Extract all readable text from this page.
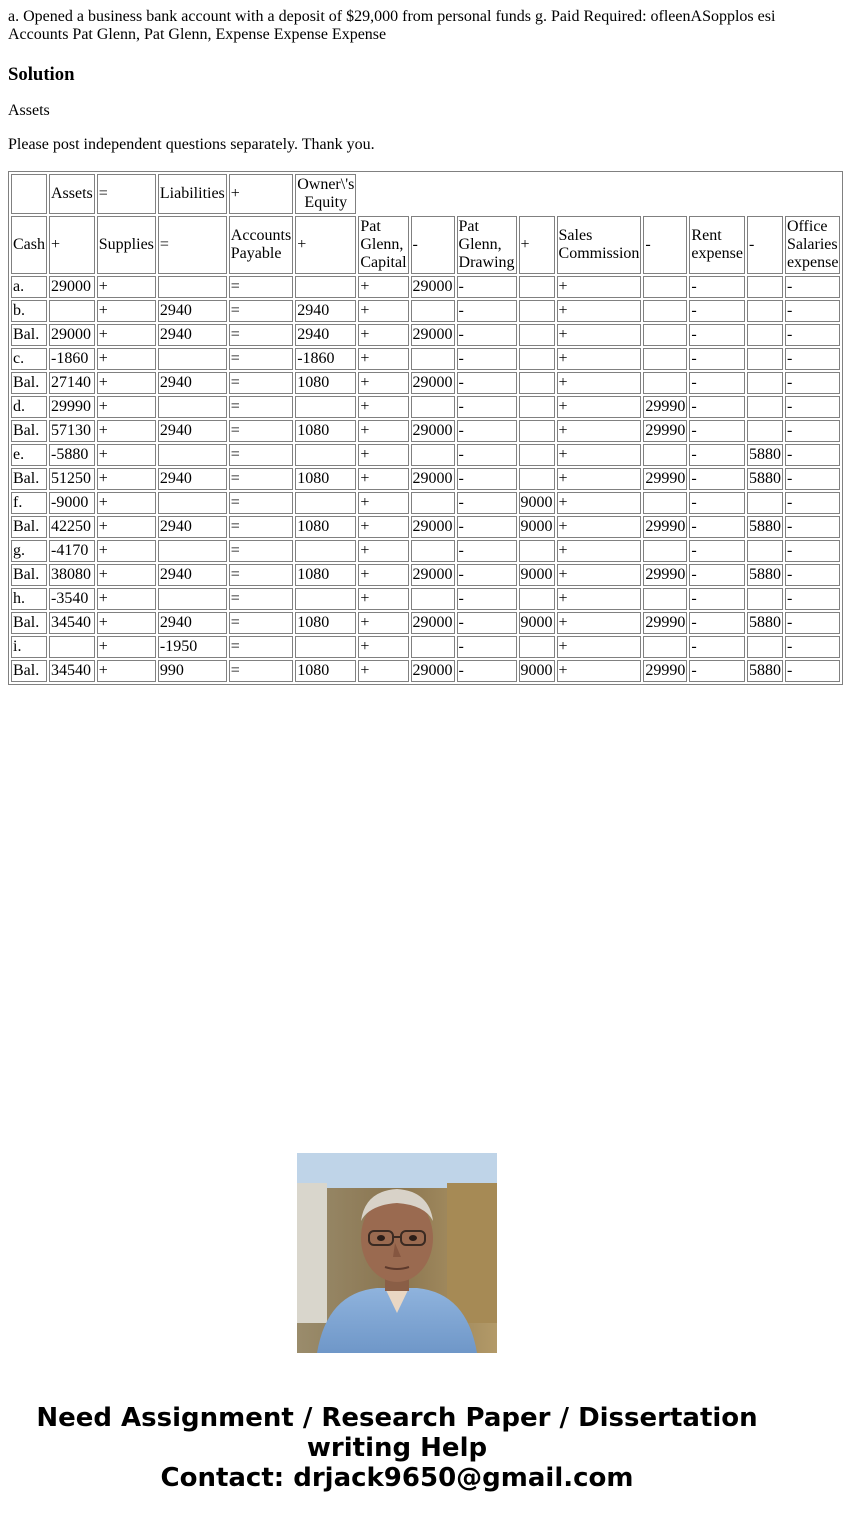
a. Opened a business bank account with a deposit of $29,000 from personal funds g. Paid Required: ofleenASopplos esi Accounts Pat Glenn, Pat Glenn, Expense Expense Expense
Solution

Assets

Please post independent questions separately. Thank you.

	Assets	=	Liabilities	+	Owner\'s Equity									
Cash	+	Supplies	=	Accounts Payable	+	Pat Glenn, Capital	-	Pat Glenn, Drawing	+	Sales Commission	-	Rent expense	-	Office Salaries expense
a.	29000	+		=		+	29000	-		+		-		-
b.		+	2940	=	2940	+		-		+		-		-
Bal.	29000	+	2940	=	2940	+	29000	-		+		-		-
c.	-1860	+		=	-1860	+		-		+		-		-
Bal.	27140	+	2940	=	1080	+	29000	-		+		-		-
d.	29990	+		=		+		-		+	29990	-		-
Bal.	57130	+	2940	=	1080	+	29000	-		+	29990	-		-
e.	-5880	+		=		+		-		+		-	5880	-
Bal.	51250	+	2940	=	1080	+	29000	-		+	29990	-	5880	-
f.	-9000	+		=		+		-	9000	+		-		-
Bal.	42250	+	2940	=	1080	+	29000	-	9000	+	29990	-	5880	-
g.	-4170	+		=		+		-		+		-		-
Bal.	38080	+	2940	=	1080	+	29000	-	9000	+	29990	-	5880	-
h.	-3540	+		=		+		-		+		-		-
Bal.	34540	+	2940	=	1080	+	29000	-	9000	+	29990	-	5880	-
i.		+	-1950	=		+		-		+		-		-
Bal.	34540	+	990	=	1080	+	29000	-	9000	+	29990	-	5880	-
Need Assignment / Research Paper / Dissertation
writing Help
Contact: drjack9650@gmail.com
